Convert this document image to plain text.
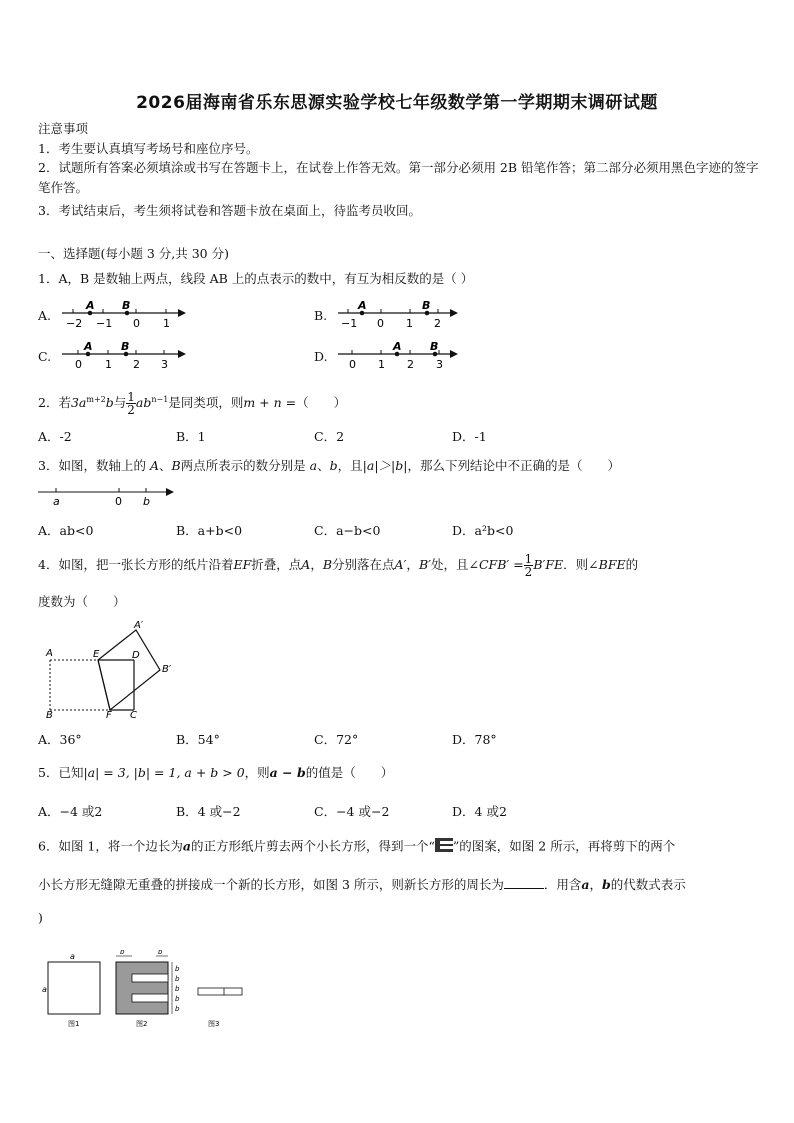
2026届海南省乐东思源实验学校七年级数学第一学期期末调研试题
注意事项
1．考生要认真填写考场号和座位序号。
2．试题所有答案必须填涂或书写在答题卡上，在试卷上作答无效。第一部分必须用 2B 铅笔作答；第二部分必须用黑色字迹的签字笔作答。
3．考试结束后，考生须将试卷和答题卡放在桌面上，待监考员收回。
一、选择题(每小题 3 分,共 30 分)
1．A，B 是数轴上两点，线段 AB 上的点表示的数中，有互为相反数的是（ ）
A.
A B
−2 −1 0 1
B.
A	B
−1 0 1 2
C.
A	B
0 1 2 3
D.
A	B
0 1 2 3
2．若$3a^{m+2}b$与 $\frac{1}{2} ab^{n-1}$是同类项，则m + n =（　　）
A．-2	B．1	C．2	D．-1
3．如图，数轴上的 A、B两点所表示的数分别是 a、b，且|a|＞|b|，那么下列结论中不正确的是（　　）
a	0 b
A．ab<0	B．a+b<0	C．a−b<0	D．a²b<0
4．如图，把一张长方形的纸片沿着EF折叠，点A，B分别落在点A′，B′处，且∠CFB′ = $\frac{1}{2} B'FE$．则∠BFE的
度数为（　　）
A	E	D
A′
B′
B	F C
A．36°	B．54°	C．72°	D．78°
5．已知|a| = 3, |b| = 1, a + b > 0，则a − b的值是（　　）
A．−4 或2	B．4 或−2	C．−4 或−2	D．4 或2
6．如图 1，将一个边长为a的正方形纸片剪去两个小长方形，得到一个“ ”的图案，如图 2 所示，再将剪下的两个
小长方形无缝隙无重叠的拼接成一个新的长方形，如图 3 所示，则新长方形的周长为	．用含a，b的代数式表示
)
a
a
图1
b	b
b
b
b
b
b
图2	图3
